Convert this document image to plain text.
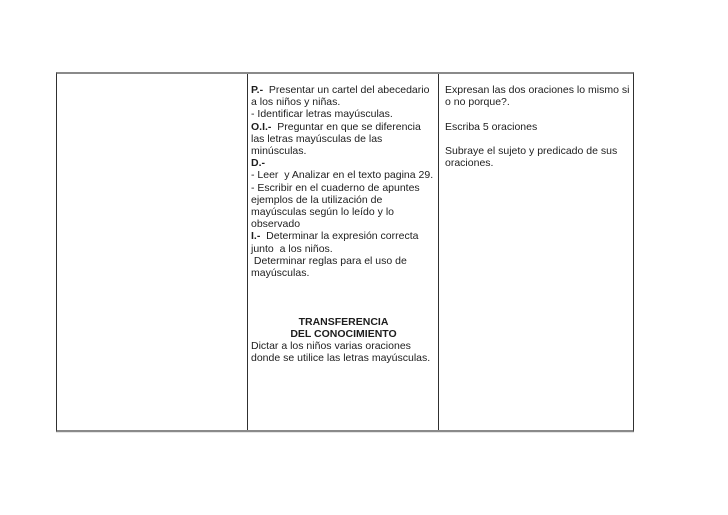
P.-  Presentar un cartel del abecedario
a los niños y niñas.
- Identificar letras mayúsculas.
O.I.-  Preguntar en que se diferencia
las letras mayúsculas de las
minúsculas.
D.-
- Leer  y Analizar en el texto pagina 29.
- Escribir en el cuaderno de apuntes
ejemplos de la utilización de
mayúsculas según lo leído y lo
observado
I.-  Determinar la expresión correcta
junto  a los niños.
Determinar reglas para el uso de
mayúsculas.

TRANSFERENCIA
DEL CONOCIMIENTO
Dictar a los niños varias oraciones
donde se utilice las letras mayúsculas.
Expresan las dos oraciones lo mismo si
o no porque?.

Escriba 5 oraciones

Subraye el sujeto y predicado de sus
oraciones.
